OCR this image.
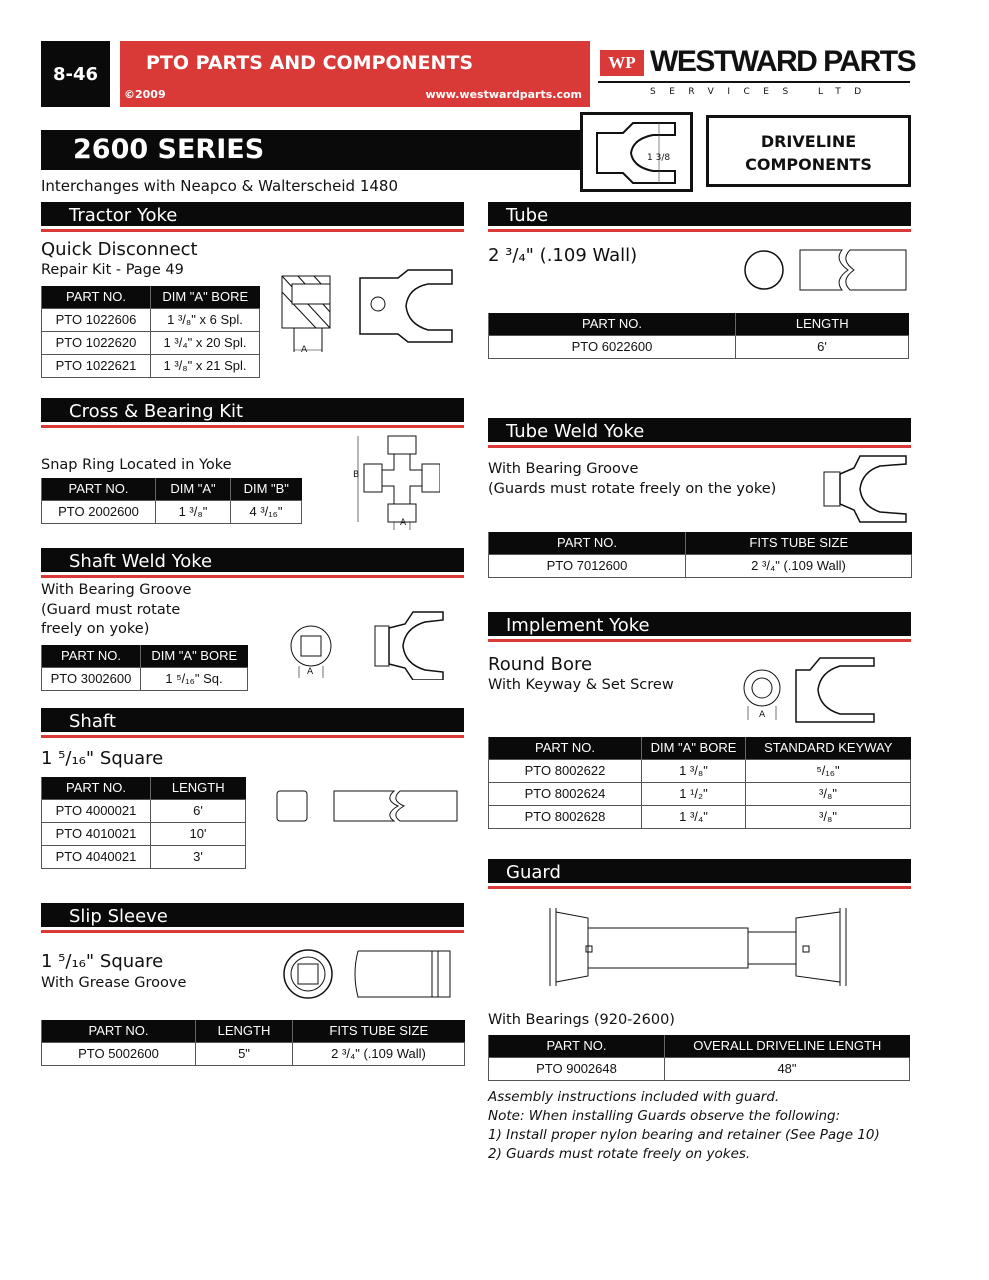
8-46	PTO PARTS AND COMPONENTS
©2009	www.westwardparts.com
WP WESTWARD PARTS
SERVICES LTD
2600 SERIES
Interchanges with Neapco & Walterscheid 1480
1 3/8
DRIVELINE
COMPONENTS
Tractor Yoke
Quick Disconnect
Repair Kit - Page 49
A
Cross & Bearing Kit
Snap Ring Located in Yoke
B
A
Shaft Weld Yoke
With Bearing Groove
(Guard must rotate
freely on yoke)
A
Shaft
1 ⁵/₁₆" Square
Slip Sleeve
1 ⁵/₁₆" Square
With Grease Groove
Tube
2 ³/₄" (.109 Wall)
Tube Weld Yoke
With Bearing Groove
(Guards must rotate freely on the yoke)
Implement Yoke
Round Bore
With Keyway & Set Screw
A
Guard
With Bearings (920-2600)
Assembly instructions included with guard.
Note: When installing Guards observe the following:
1) Install proper nylon bearing and retainer (See Page 10)
2) Guards must rotate freely on yokes.
PART NO.	DIM "A" BORE
PTO 1022606	1 ³/₈" x 6 Spl.
PTO 1022620	1 ³/₄" x 20 Spl.
PTO 1022621	1 ³/₈" x 21 Spl.
PART NO.	DIM "A"	DIM "B"
PTO 2002600	1 ³/₈"	4 ³/₁₆"
PART NO.	DIM "A" BORE
PTO 3002600	1 ⁵/₁₆" Sq.
PART NO.	LENGTH
PTO 4000021	6'
PTO 4010021	10'
PTO 4040021	3'
PART NO.	LENGTH	FITS TUBE SIZE
PTO 5002600	5"	2 ³/₄" (.109 Wall)
PART NO.	LENGTH
PTO 6022600	6'
PART NO.	FITS TUBE SIZE
PTO 7012600	2 ³/₄" (.109 Wall)
PART NO.	DIM "A" BORE	STANDARD KEYWAY
PTO 8002622	1 ³/₈"	⁵/₁₆"
PTO 8002624	1 ¹/₂"	³/₈"
PTO 8002628	1 ³/₄"	³/₈"
PART NO.	OVERALL DRIVELINE LENGTH
PTO 9002648	48"
